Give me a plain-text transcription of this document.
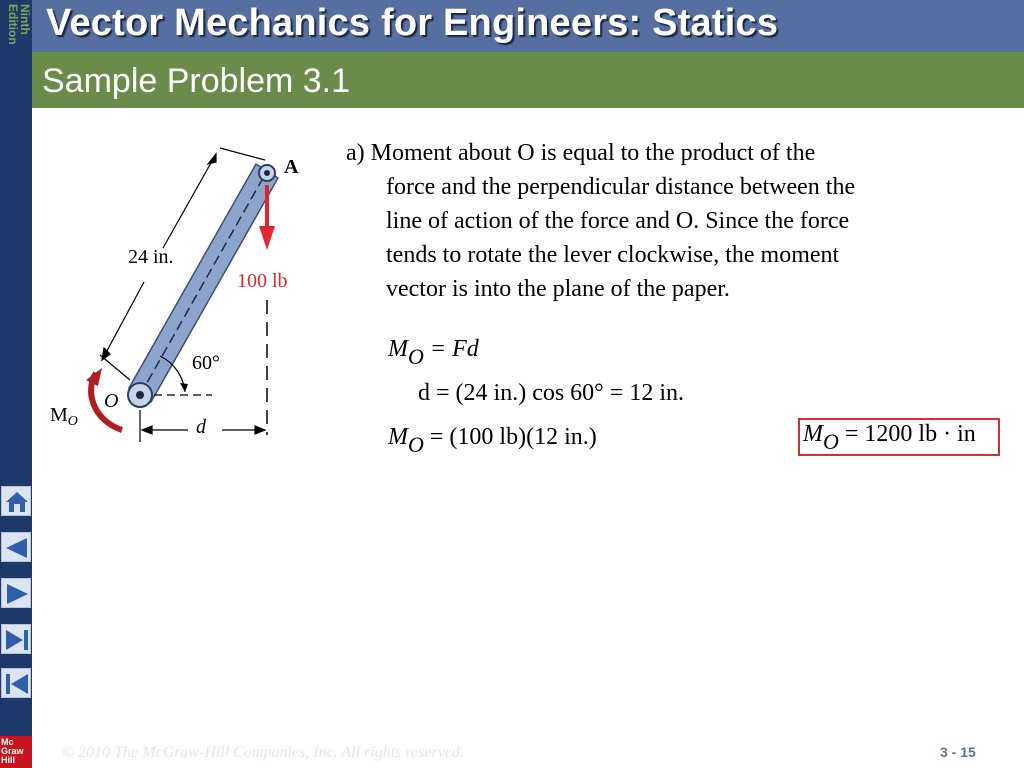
Ninth Edition
Mc
Graw
Hill
Vector Mechanics for Engineers: Statics
Sample Problem 3.1
24 in.
A
100 lb
60°
O
$M_O$	d
a) Moment about O is equal to the product of the
force and the perpendicular distance between the
line of action of the force and O. Since the force
tends to rotate the lever clockwise, the moment
vector is into the plane of the paper.
MO = Fd
d = (24 in.) cos 60° = 12 in.
MO = (100 lb)(12 in.)	MO = 1200 lb · in
© 2010 The McGraw-Hill Companies, Inc. All rights reserved.	3 - 15
